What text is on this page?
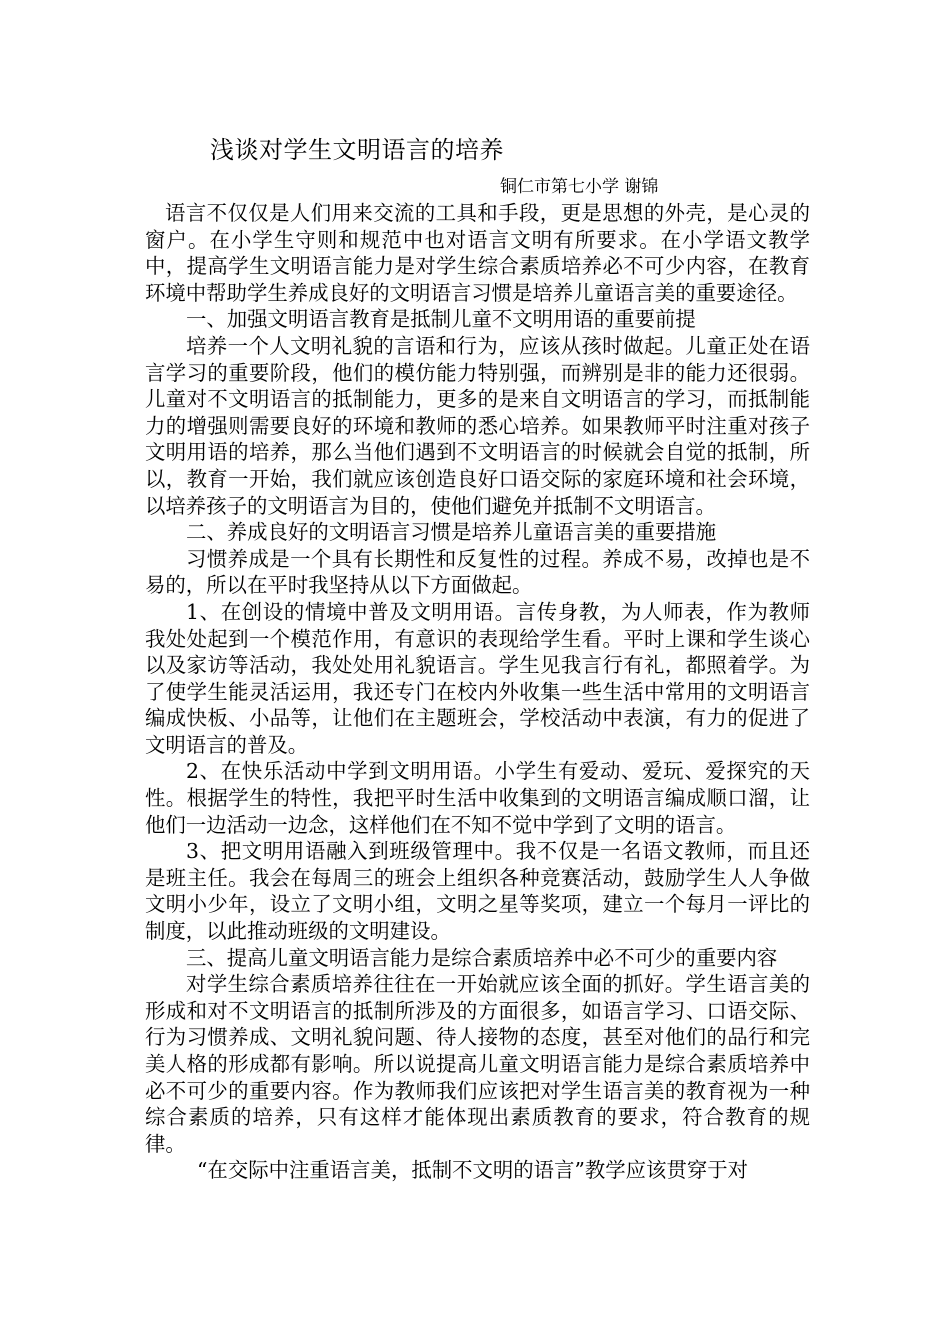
浅谈对学生文明语言的培养
铜仁市第七小学 谢锦

语言不仅仅是人们用来交流的工具和手段，更是思想的外壳，是心灵的窗户。在小学生守则和规范中也对语言文明有所要求。在小学语文教学中，提高学生文明语言能力是对学生综合素质培养必不可少内容，在教育环境中帮助学生养成良好的文明语言习惯是培养儿童语言美的重要途径。

一、加强文明语言教育是抵制儿童不文明用语的重要前提

培养一个人文明礼貌的言语和行为，应该从孩时做起。儿童正处在语言学习的重要阶段，他们的模仿能力特别强，而辨别是非的能力还很弱。儿童对不文明语言的抵制能力，更多的是来自文明语言的学习，而抵制能力的增强则需要良好的环境和教师的悉心培养。如果教师平时注重对孩子文明用语的培养，那么当他们遇到不文明语言的时候就会自觉的抵制，所以，教育一开始，我们就应该创造良好口语交际的家庭环境和社会环境，以培养孩子的文明语言为目的，使他们避免并抵制不文明语言。

二、养成良好的文明语言习惯是培养儿童语言美的重要措施

习惯养成是一个具有长期性和反复性的过程。养成不易，改掉也是不易的，所以在平时我坚持从以下方面做起。

1、在创设的情境中普及文明用语。言传身教，为人师表，作为教师我处处起到一个模范作用，有意识的表现给学生看。平时上课和学生谈心以及家访等活动，我处处用礼貌语言。学生见我言行有礼，都照着学。为了使学生能灵活运用，我还专门在校内外收集一些生活中常用的文明语言编成快板、小品等，让他们在主题班会，学校活动中表演，有力的促进了文明语言的普及。

2、在快乐活动中学到文明用语。小学生有爱动、爱玩、爱探究的天性。根据学生的特性，我把平时生活中收集到的文明语言编成顺口溜，让他们一边活动一边念，这样他们在不知不觉中学到了文明的语言。

3、把文明用语融入到班级管理中。我不仅是一名语文教师，而且还是班主任。我会在每周三的班会上组织各种竞赛活动，鼓励学生人人争做文明小少年，设立了文明小组，文明之星等奖项，建立一个每月一评比的制度，以此推动班级的文明建设。

三、提高儿童文明语言能力是综合素质培养中必不可少的重要内容

对学生综合素质培养往往在一开始就应该全面的抓好。学生语言美的形成和对不文明语言的抵制所涉及的方面很多，如语言学习、口语交际、行为习惯养成、文明礼貌问题、待人接物的态度，甚至对他们的品行和完美人格的形成都有影响。所以说提高儿童文明语言能力是综合素质培养中必不可少的重要内容。作为教师我们应该把对学生语言美的教育视为一种综合素质的培养，只有这样才能体现出素质教育的要求，符合教育的规律。

“在交际中注重语言美，抵制不文明的语言”教学应该贯穿于对
